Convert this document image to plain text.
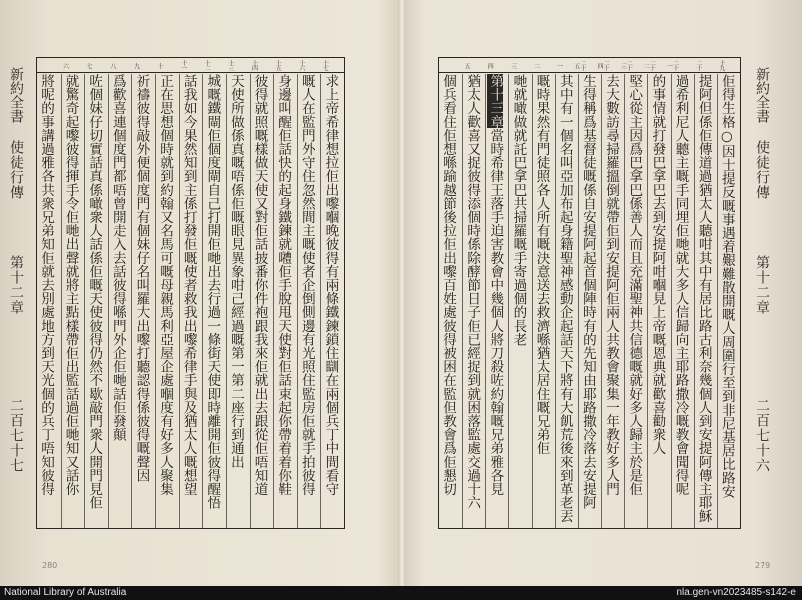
新約全書
使徒行傳
第十二章
二百七十七
十七
十六
十五
十四
十三
十二
十一
十
九
八
七
六
求上帝希律想拉佢出嚟嗰晚彼得有兩條鐵鍊鎖住瞓在兩個兵丁中間看守
嘅人在監門外守住忽然間主嘅使者企倒側邊有光照住監房佢就手拍彼得
身邊叫醒佢話快的起身鐵鍊就𡅏佢手脫甩天使對佢話束起你帶着着你鞋
彼得就照嘅樣做天使又對佢話披番你件袍跟我來佢就出去跟從佢唔知道
天使所做係真嘅唔係佢嘅眼見異象咁己經過嘅第一第二座行到通出
城嘅鐵閘佢個度閘自己打開佢哋出去行過一條街天使即時離開佢彼得醒悟
話我如今果然知到主係打發佢嘅使者救我出嚟希律手與及猶太人嘅想望
正在思想個時就到約翰又名馬可嘅母親馬利亞屋企處嗰度有好多人聚集
祈禱彼得敲外便個度門有個妹仔名叫羅大出嚟打聽認得係彼得嘅聲因
爲歡喜連個度門都唔曾開走入去話彼得喺門外企佢哋話佢發顛
咗個妹仔切實話真係噉衆人話係佢嘅天使彼得仍然不歇敲門衆人開門見佢
就驚奇起嚟彼得揮手令佢哋出聲就將主點樣帶佢出監話過佢哋知又話你
將呢的事講過雅各共衆兄弟知佢就去別處地方到天光個的兵丁唔知彼得	新約全書
使徒行傳
第十二章
二百七十六
十九
二十
二十一
二十二
二十三
二十四
二十五
一
二
三
四
五
佢得生格○因士提反嘅事遇着艱難散開嘅人周圍行至到非尼基居比路安
提阿但係佢傳道過猶太人聽咁其中有居比路古利奈幾個人到安提阿傳主耶穌
過希利尼人聽主嘅手同埋佢哋就大多人信歸向主耶路撒冷嘅教會聞得呢
的事情就打發巴拿巴去到安提阿咁嗰見上帝嘅恩典就歡喜勸衆人
堅心從主因爲巴拿巴係善人而且充滿聖神共信德嘅就好多人歸主於是佢
去大數訪尋掃羅搵倒就帶佢到安提阿佢兩人共教會聚集一年教好多人門
生得稱爲基督徒嘅係自安提阿起首個陣時有的先知由耶路撒冷落去安提阿
其中有一個名叫亞加布起身籍聖神感動企起話天下將有大飢荒後來到革老丟
嘅時果然有門徒照各人所有嘅決意送去救濟喺猶太居住嘅兄弟佢
哋就噉做就託巴拿巴共掃羅嘅手寄過個的長老
第十三章當時希律王落手迫害教會中幾個人將刀殺咗約翰嘅兄弟雅各見
猶太人歡喜又捉彼得添個時係除酵節日子佢已經捉到就困落監處交過十六
個兵看住佢想喺踰越節後拉佢出嚟百姓處彼得被困在監但教會爲佢懇切
280	279
National Library of Australia	nla.gen-vn2023485-s142-e
